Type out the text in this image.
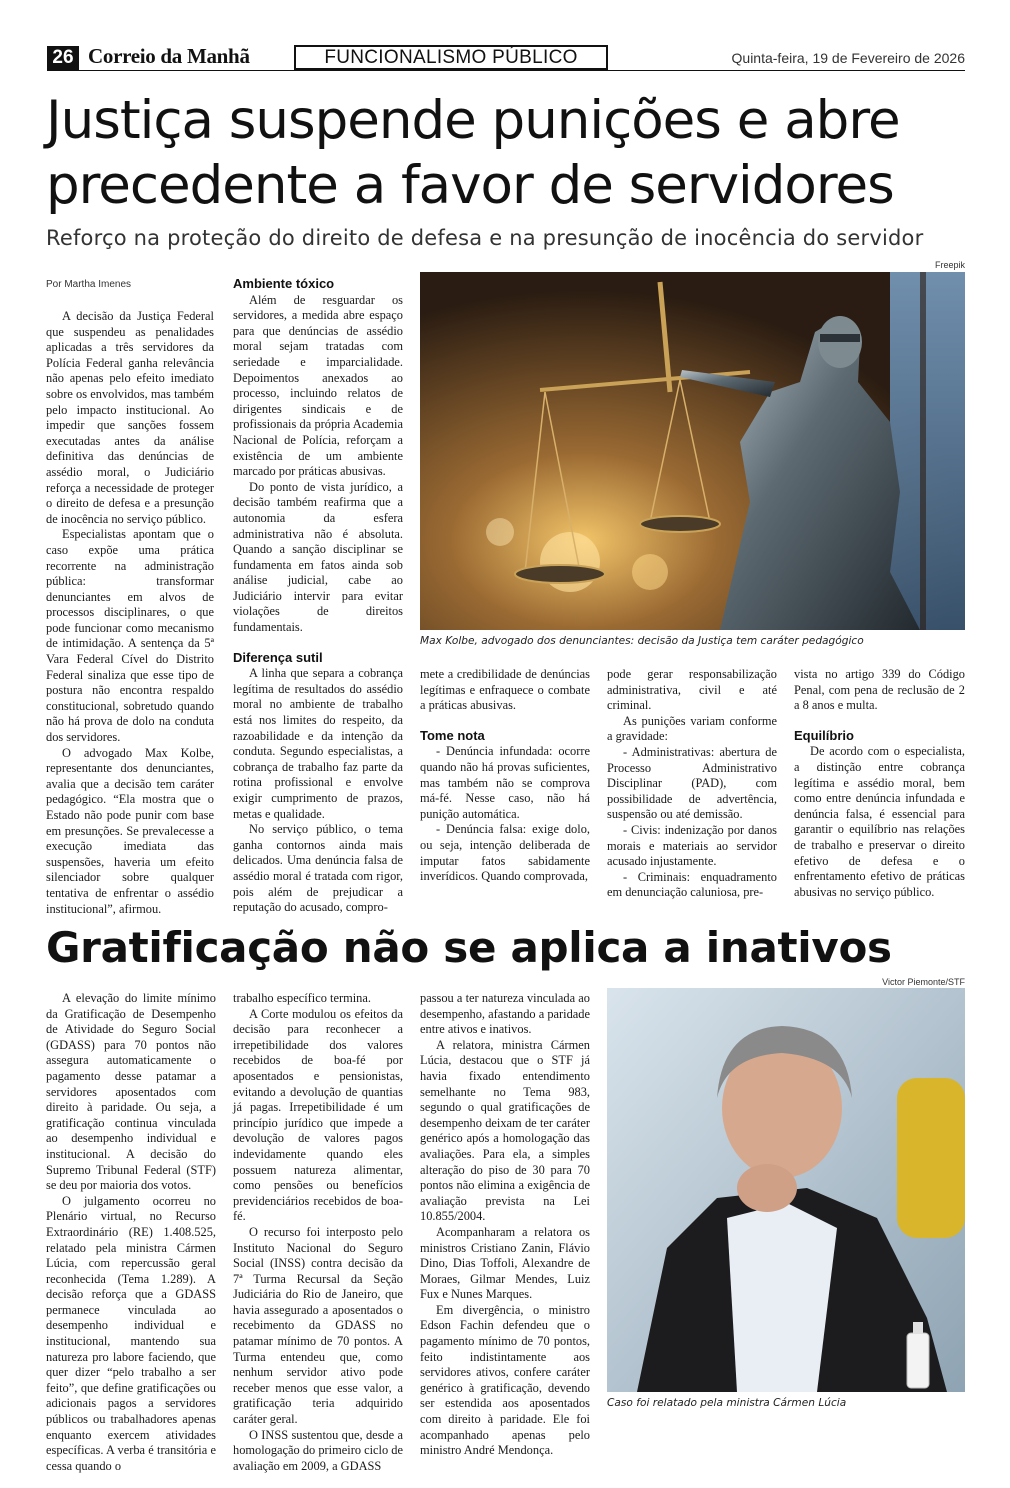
26 Correio da Manhã	FUNCIONALISMO PÚBLICO	Quinta-feira, 19 de Fevereiro de 2026
Justiça suspende punições e abre precedente a favor de servidores
Reforço na proteção do direito de defesa e na presunção de inocência do servidor
Por Martha Imenes

A decisão da Justiça Federal que suspendeu as penalidades aplicadas a três servidores da Polícia Federal ganha relevância não apenas pelo efeito imediato sobre os envolvidos, mas também pelo impacto institucional. Ao impedir que sanções fossem executadas antes da análise definitiva das denúncias de assédio moral, o Judiciário reforça a necessidade de proteger o direito de defesa e a presunção de inocência no serviço público.

Especialistas apontam que o caso expõe uma prática recorrente na administração pública: transformar denunciantes em alvos de processos disciplinares, o que pode funcionar como mecanismo de intimidação. A sentença da 5ª Vara Federal Cível do Distrito Federal sinaliza que esse tipo de postura não encontra respaldo constitucional, sobretudo quando não há prova de dolo na conduta dos servidores.

O advogado Max Kolbe, representante dos denunciantes, avalia que a decisão tem caráter pedagógico. “Ela mostra que o Estado não pode punir com base em presunções. Se prevalecesse a execução imediata das suspensões, haveria um efeito silenciador sobre qualquer tentativa de enfrentar o assédio institucional”, afirmou.

Ambiente tóxico

Além de resguardar os servidores, a medida abre espaço para que denúncias de assédio moral sejam tratadas com seriedade e imparcialidade. Depoimentos anexados ao processo, incluindo relatos de dirigentes sindicais e de profissionais da própria Academia Nacional de Polícia, reforçam a existência de um ambiente marcado por práticas abusivas.

Do ponto de vista jurídico, a decisão também reafirma que a autonomia da esfera administrativa não é absoluta. Quando a sanção disciplinar se fundamenta em fatos ainda sob análise judicial, cabe ao Judiciário intervir para evitar violações de direitos fundamentais.

Diferença sutil

A linha que separa a cobrança legítima de resultados do assédio moral no ambiente de trabalho está nos limites do respeito, da razoabilidade e da intenção da conduta. Segundo especialistas, a cobrança de trabalho faz parte da rotina profissional e envolve exigir cumprimento de prazos, metas e qualidade.

No serviço público, o tema ganha contornos ainda mais delicados. Uma denúncia falsa de assédio moral é tratada com rigor, pois além de prejudicar a reputação do acusado, compro-

Freepik
Max Kolbe, advogado dos denunciantes: decisão da Justiça tem caráter pedagógico

mete a credibilidade de denúncias legítimas e enfraquece o combate a práticas abusivas.

Tome nota

- Denúncia infundada: ocorre quando não há provas suficientes, mas também não se comprova má-fé. Nesse caso, não há punição automática.

- Denúncia falsa: exige dolo, ou seja, intenção deliberada de imputar fatos sabidamente inverídicos. Quando comprovada,

pode gerar responsabilização administrativa, civil e até criminal.

As punições variam conforme a gravidade:

- Administrativas: abertura de Processo Administrativo Disciplinar (PAD), com possibilidade de advertência, suspensão ou até demissão.

- Civis: indenização por danos morais e materiais ao servidor acusado injustamente.

- Criminais: enquadramento em denunciação caluniosa, pre-

vista no artigo 339 do Código Penal, com pena de reclusão de 2 a 8 anos e multa.

Equilíbrio

De acordo com o especialista, a distinção entre cobrança legítima e assédio moral, bem como entre denúncia infundada e denúncia falsa, é essencial para garantir o equilíbrio nas relações de trabalho e preservar o direito efetivo de defesa e o enfrentamento efetivo de práticas abusivas no serviço público.

Gratificação não se aplica a inativos

A elevação do limite mínimo da Gratificação de Desempenho de Atividade do Seguro Social (GDASS) para 70 pontos não assegura automaticamente o pagamento desse patamar a servidores aposentados com direito à paridade. Ou seja, a gratificação continua vinculada ao desempenho individual e institucional. A decisão do Supremo Tribunal Federal (STF) se deu por maioria dos votos.

O julgamento ocorreu no Plenário virtual, no Recurso Extraordinário (RE) 1.408.525, relatado pela ministra Cármen Lúcia, com repercussão geral reconhecida (Tema 1.289). A decisão reforça que a GDASS permanece vinculada ao desempenho individual e institucional, mantendo sua natureza pro labore faciendo, que quer dizer “pelo trabalho a ser feito”, que define gratificações ou adicionais pagos a servidores públicos ou trabalhadores apenas enquanto exercem atividades específicas. A verba é transitória e cessa quando o

trabalho específico termina.

A Corte modulou os efeitos da decisão para reconhecer a irrepetibilidade dos valores recebidos de boa-fé por aposentados e pensionistas, evitando a devolução de quantias já pagas. Irrepetibilidade é um princípio jurídico que impede a devolução de valores pagos indevidamente quando eles possuem natureza alimentar, como pensões ou benefícios previdenciários recebidos de boa-fé.

O recurso foi interposto pelo Instituto Nacional do Seguro Social (INSS) contra decisão da 7ª Turma Recursal da Seção Judiciária do Rio de Janeiro, que havia assegurado a aposentados o recebimento da GDASS no patamar mínimo de 70 pontos. A Turma entendeu que, como nenhum servidor ativo pode receber menos que esse valor, a gratificação teria adquirido caráter geral.

O INSS sustentou que, desde a homologação do primeiro ciclo de avaliação em 2009, a GDASS

passou a ter natureza vinculada ao desempenho, afastando a paridade entre ativos e inativos.

A relatora, ministra Cármen Lúcia, destacou que o STF já havia fixado entendimento semelhante no Tema 983, segundo o qual gratificações de desempenho deixam de ter caráter genérico após a homologação das avaliações. Para ela, a simples alteração do piso de 30 para 70 pontos não elimina a exigência de avaliação prevista na Lei 10.855/2004.

Acompanharam a relatora os ministros Cristiano Zanin, Flávio Dino, Dias Toffoli, Alexandre de Moraes, Gilmar Mendes, Luiz Fux e Nunes Marques.

Em divergência, o ministro Edson Fachin defendeu que o pagamento mínimo de 70 pontos, feito indistintamente aos servidores ativos, confere caráter genérico à gratificação, devendo ser estendida aos aposentados com direito à paridade. Ele foi acompanhado apenas pelo ministro André Mendonça.

Victor Piemonte/STF
Caso foi relatado pela ministra Cármen Lúcia
